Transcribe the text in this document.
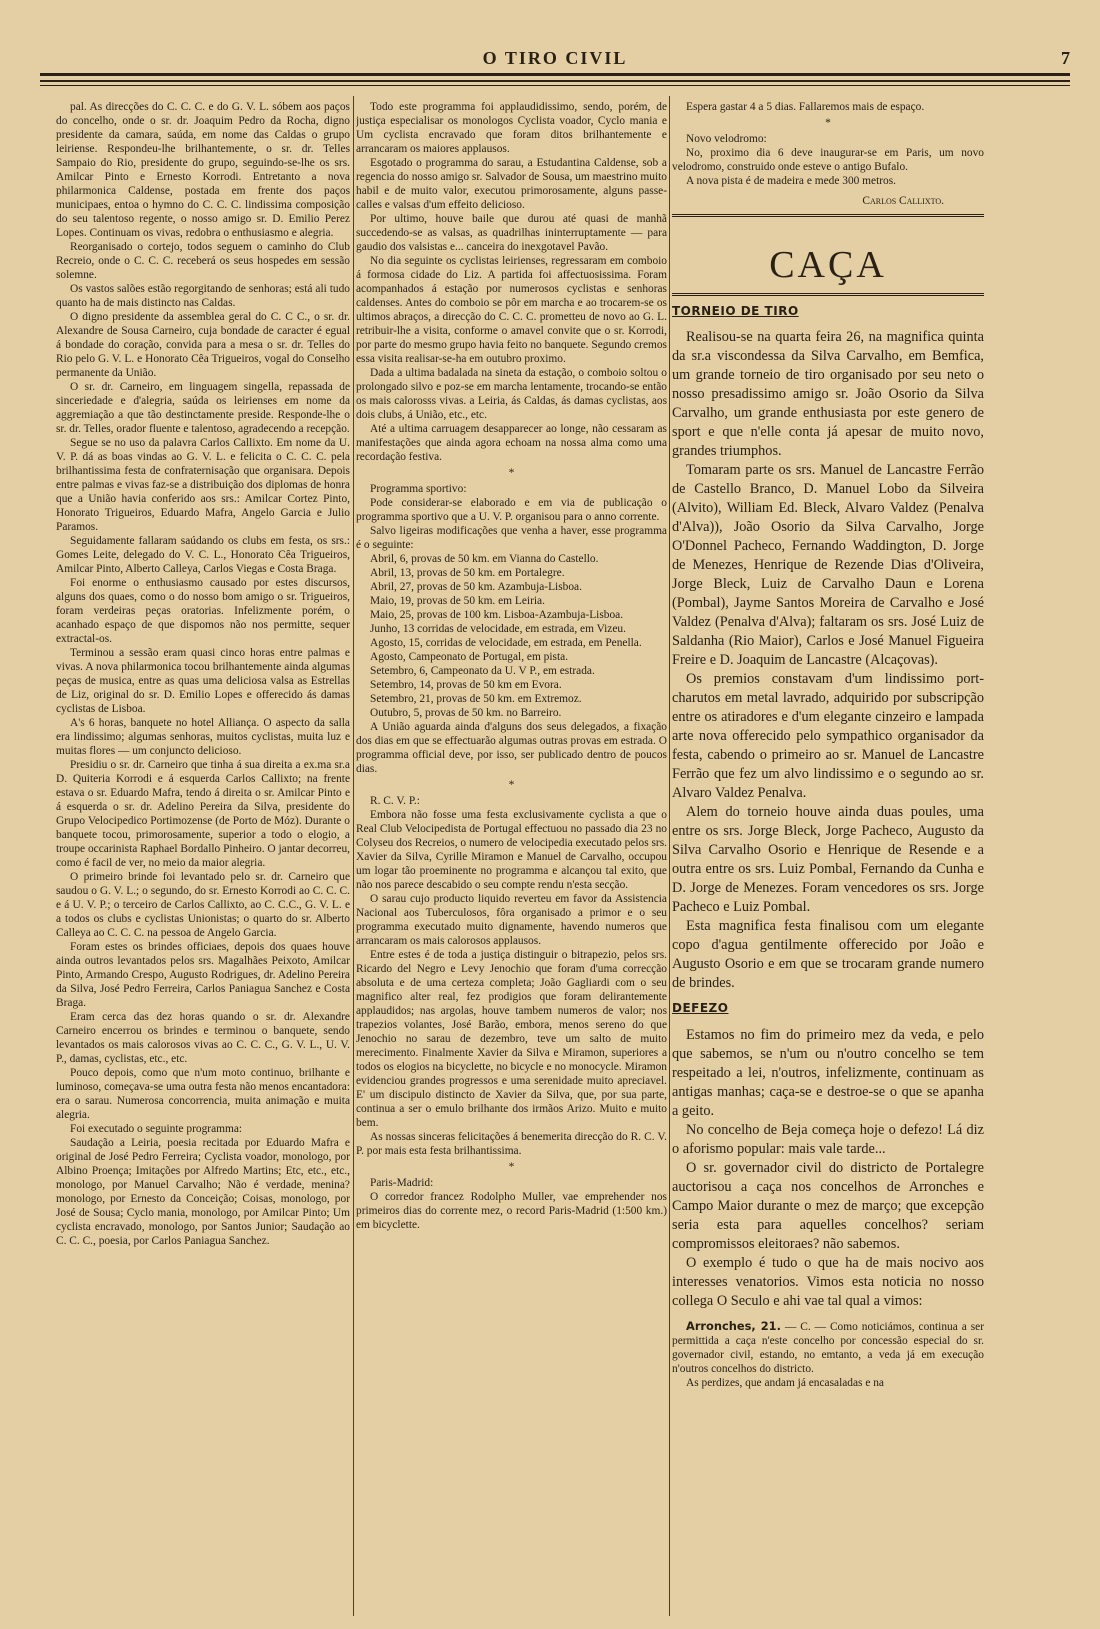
O TIRO CIVIL	7

pal. As direcções do C. C. C. e do G. V. L. sóbem aos paços do concelho, onde o sr. dr. Joaquim Pedro da Rocha, digno presidente da camara, saúda, em nome das Caldas o grupo leiriense. Respondeu-lhe brilhantemente, o sr. dr. Telles Sampaio do Rio, presidente do grupo, seguindo-se-lhe os srs. Amilcar Pinto e Ernesto Korrodi. Entretanto a nova philarmonica Caldense, postada em frente dos paços municipaes, entoa o hymno do C. C. C. lindissima composição do seu talentoso regente, o nosso amigo sr. D. Emilio Perez Lopes. Continuam os vivas, redobra o enthusiasmo e alegria.

Reorganisado o cortejo, todos seguem o caminho do Club Recreio, onde o C. C. C. receberá os seus hospedes em sessão solemne.

Os vastos salões estão regorgitando de senhoras; está ali tudo quanto ha de mais distincto nas Caldas.

O digno presidente da assemblea geral do C. C C., o sr. dr. Alexandre de Sousa Carneiro, cuja bondade de caracter é egual á bondade do coração, convida para a mesa o sr. dr. Telles do Rio pelo G. V. L. e Honorato Cêa Trigueiros, vogal do Conselho permanente da União.

O sr. dr. Carneiro, em linguagem singella, repassada de sinceriedade e d'alegria, saúda os leirienses em nome da aggremiação a que tão destinctamente preside. Responde-lhe o sr. dr. Telles, orador fluente e talentoso, agradecendo a recepção.

Segue se no uso da palavra Carlos Callixto. Em nome da U. V. P. dá as boas vindas ao G. V. L. e felicita o C. C. C. pela brilhantissima festa de confraternisação que organisara. Depois entre palmas e vivas faz-se a distribuição dos diplomas de honra que a União havia conferido aos srs.: Amilcar Cortez Pinto, Honorato Trigueiros, Eduardo Mafra, Angelo Garcia e Julio Paramos.

Seguidamente fallaram saúdando os clubs em festa, os srs.: Gomes Leite, delegado do V. C. L., Honorato Cêa Trigueiros, Amilcar Pinto, Alberto Calleya, Carlos Viegas e Costa Braga.

Foi enorme o enthusiasmo causado por estes discursos, alguns dos quaes, como o do nosso bom amigo o sr. Trigueiros, foram verdeiras peças oratorias. Infelizmente porém, o acanhado espaço de que dispomos não nos permitte, sequer extractal-os.

Terminou a sessão eram quasi cinco horas entre palmas e vivas. A nova philarmonica tocou brilhantemente ainda algumas peças de musica, entre as quas uma deliciosa valsa as Estrellas de Liz, original do sr. D. Emilio Lopes e offerecido ás damas cyclistas de Lisboa.

A's 6 horas, banquete no hotel Alliança. O aspecto da salla era lindissimo; algumas senhoras, muitos cyclistas, muita luz e muitas flores — um conjuncto delicioso.

Presidiu o sr. dr. Carneiro que tinha á sua direita a ex.ma sr.a D. Quiteria Korrodi e á esquerda Carlos Callixto; na frente estava o sr. Eduardo Mafra, tendo á direita o sr. Amilcar Pinto e á esquerda o sr. dr. Adelino Pereira da Silva, presidente do Grupo Velocipedico Portimozense (de Porto de Móz). Durante o banquete tocou, primorosamente, superior a todo o elogio, a troupe occarinista Raphael Bordallo Pinheiro. O jantar decorreu, como é facil de ver, no meio da maior alegria.

O primeiro brinde foi levantado pelo sr. dr. Carneiro que saudou o G. V. L.; o segundo, do sr. Ernesto Korrodi ao C. C. C. e á U. V. P.; o terceiro de Carlos Callixto, ao C. C.C., G. V. L. e a todos os clubs e cyclistas Unionistas; o quarto do sr. Alberto Calleya ao C. C. C. na pessoa de Angelo Garcia.

Foram estes os brindes officiaes, depois dos quaes houve ainda outros levantados pelos srs. Magalhães Peixoto, Amilcar Pinto, Armando Crespo, Augusto Rodrigues, dr. Adelino Pereira da Silva, José Pedro Ferreira, Carlos Paniagua Sanchez e Costa Braga.

Eram cerca das dez horas quando o sr. dr. Alexandre Carneiro encerrou os brindes e terminou o banquete, sendo levantados os mais calorosos vivas ao C. C. C., G. V. L., U. V. P., damas, cyclistas, etc., etc.

Pouco depois, como que n'um moto continuo, brilhante e luminoso, começava-se uma outra festa não menos encantadora: era o sarau. Numerosa concorrencia, muita animação e muita alegria.

Foi executado o seguinte programma:

Saudação a Leiria, poesia recitada por Eduardo Mafra e original de José Pedro Ferreira; Cyclista voador, monologo, por Albino Proença; Imitações por Alfredo Martins; Etc, etc., etc., monologo, por Manuel Carvalho; Não é verdade, menina? monologo, por Ernesto da Conceição; Coisas, monologo, por José de Sousa; Cyclo mania, monologo, por Amilcar Pinto; Um cyclista encravado, monologo, por Santos Junior; Saudação ao C. C. C., poesia, por Carlos Paniagua Sanchez.

Todo este programma foi applaudidissimo, sendo, porém, de justiça especialisar os monologos Cyclista voador, Cyclo mania e Um cyclista encravado que foram ditos brilhantemente e arrancaram os maiores applausos.

Esgotado o programma do sarau, a Estudantina Caldense, sob a regencia do nosso amigo sr. Salvador de Sousa, um maestrino muito habil e de muito valor, executou primorosamente, alguns passe-calles e valsas d'um effeito delicioso.

Por ultimo, houve baile que durou até quasi de manhã succedendo-se as valsas, as quadrilhas ininterruptamente — para gaudio dos valsistas e... canceira do inexgotavel Pavão.

No dia seguinte os cyclistas leirienses, regressaram em comboio á formosa cidade do Liz. A partida foi affectuosissima. Foram acompanhados á estação por numerosos cyclistas e senhoras caldenses. Antes do comboio se pôr em marcha e ao trocarem-se os ultimos abraços, a direcção do C. C. C. prometteu de novo ao G. L. retribuir-lhe a visita, conforme o amavel convite que o sr. Korrodi, por parte do mesmo grupo havia feito no banquete. Segundo cremos essa visita realisar-se-ha em outubro proximo.

Dada a ultima badalada na sineta da estação, o comboio soltou o prolongado silvo e poz-se em marcha lentamente, trocando-se então os mais calorosss vivas. a Leiria, ás Caldas, ás damas cyclistas, aos dois clubs, á União, etc., etc.

Até a ultima carruagem desapparecer ao longe, não cessaram as manifestações que ainda agora echoam na nossa alma como uma recordação festiva.

*

Programma sportivo:

Pode considerar-se elaborado e em via de publicação o programma sportivo que a U. V. P. organisou para o anno corrente.

Salvo ligeiras modificações que venha a haver, esse programma é o seguinte:

Abril, 6, provas de 50 km. em Vianna do Castello.

Abril, 13, provas de 50 km. em Portalegre.

Abril, 27, provas de 50 km. Azambuja-Lisboa.

Maio, 19, provas de 50 km. em Leiria.

Maio, 25, provas de 100 km. Lisboa-Azambuja-Lisboa.

Junho, 13 corridas de velocidade, em estrada, em Vizeu.

Agosto, 15, corridas de velocidade, em estrada, em Penella.

Agosto, Campeonato de Portugal, em pista.

Setembro, 6, Campeonato da U. V P., em estrada.

Setembro, 14, provas de 50 km em Evora.

Setembro, 21, provas de 50 km. em Extremoz.

Outubro, 5, provas de 50 km. no Barreiro.

A União aguarda ainda d'alguns dos seus delegados, a fixação dos dias em que se effectuarão algumas outras provas em estrada. O programma official deve, por isso, ser publicado dentro de poucos dias.

*

R. C. V. P.:

Embora não fosse uma festa exclusivamente cyclista a que o Real Club Velocipedista de Portugal effectuou no passado dia 23 no Colyseu dos Recreios, o numero de velocipedia executado pelos srs. Xavier da Silva, Cyrille Miramon e Manuel de Carvalho, occupou um logar tão proeminente no programma e alcançou tal exito, que não nos parece descabido o seu compte rendu n'esta secção.

O sarau cujo producto liquido reverteu em favor da Assistencia Nacional aos Tuberculosos, fôra organisado a primor e o seu programma executado muito dignamente, havendo numeros que arrancaram os mais calorosos applausos.

Entre estes é de toda a justiça distinguir o bitrapezio, pelos srs. Ricardo del Negro e Levy Jenochio que foram d'uma correcção absoluta e de uma certeza completa; João Gagliardi com o seu magnifico alter real, fez prodigios que foram delirantemente applaudidos; nas argolas, houve tambem numeros de valor; nos trapezios volantes, José Barão, embora, menos sereno do que Jenochio no sarau de dezembro, teve um salto de muito merecimento. Finalmente Xavier da Silva e Miramon, superiores a todos os elogios na bicyclette, no bicycle e no monocycle. Miramon evidenciou grandes progressos e uma serenidade muito apreciavel. E' um discipulo distincto de Xavier da Silva, que, por sua parte, continua a ser o emulo brilhante dos irmãos Arizo. Muito e muito bem.

As nossas sinceras felicitações á benemerita direcção do R. C. V. P. por mais esta festa brilhantissima.

*

Paris-Madrid:

O corredor francez Rodolpho Muller, vae emprehender nos primeiros dias do corrente mez, o record Paris-Madrid (1:500 km.) em bicyclette.

Espera gastar 4 a 5 dias. Fallaremos mais de espaço.

*

Novo velodromo:

No, proximo dia 6 deve inaugurar-se em Paris, um novo velodromo, construido onde esteve o antigo Bufalo.

A nova pista é de madeira e mede 300 metros.

Carlos Callixto.

CAÇA
TORNEIO DE TIRO

Realisou-se na quarta feira 26, na magnifica quinta da sr.a viscondessa da Silva Carvalho, em Bemfica, um grande torneio de tiro organisado por seu neto o nosso presadissimo amigo sr. João Osorio da Silva Carvalho, um grande enthusiasta por este genero de sport e que n'elle conta já apesar de muito novo, grandes triumphos.

Tomaram parte os srs. Manuel de Lancastre Ferrão de Castello Branco, D. Manuel Lobo da Silveira (Alvito), William Ed. Bleck, Alvaro Valdez (Penalva d'Alva)), João Osorio da Silva Carvalho, Jorge O'Donnel Pacheco, Fernando Waddington, D. Jorge de Menezes, Henrique de Rezende Dias d'Oliveira, Jorge Bleck, Luiz de Carvalho Daun e Lorena (Pombal), Jayme Santos Moreira de Carvalho e José Valdez (Penalva d'Alva); faltaram os srs. José Luiz de Saldanha (Rio Maior), Carlos e José Manuel Figueira Freire e D. Joaquim de Lancastre (Alcaçovas).

Os premios constavam d'um lindissimo port-charutos em metal lavrado, adquirido por subscripção entre os atiradores e d'um elegante cinzeiro e lampada arte nova offerecido pelo sympathico organisador da festa, cabendo o primeiro ao sr. Manuel de Lancastre Ferrão que fez um alvo lindissimo e o segundo ao sr. Alvaro Valdez Penalva.

Alem do torneio houve ainda duas poules, uma entre os srs. Jorge Bleck, Jorge Pacheco, Augusto da Silva Carvalho Osorio e Henrique de Resende e a outra entre os srs. Luiz Pombal, Fernando da Cunha e D. Jorge de Menezes. Foram vencedores os srs. Jorge Pacheco e Luiz Pombal.

Esta magnifica festa finalisou com um elegante copo d'agua gentilmente offerecido por João e Augusto Osorio e em que se trocaram grande numero de brindes.

DEFEZO

Estamos no fim do primeiro mez da veda, e pelo que sabemos, se n'um ou n'outro concelho se tem respeitado a lei, n'outros, infelizmente, continuam as antigas manhas; caça-se e destroe-se o que se apanha a geito.

No concelho de Beja começa hoje o defezo! Lá diz o aforismo popular: mais vale tarde...

O sr. governador civil do districto de Portalegre auctorisou a caça nos concelhos de Arronches e Campo Maior durante o mez de março; que excepção seria esta para aquelles concelhos? seriam compromissos eleitoraes? não sabemos.

O exemplo é tudo o que ha de mais nocivo aos interesses venatorios. Vimos esta noticia no nosso collega O Seculo e ahi vae tal qual a vimos:

Arronches, 21. — C. — Como noticiámos, continua a ser permittida a caça n'este concelho por concessão especial do sr. governador civil, estando, no emtanto, a veda já em execução n'outros concelhos do districto.

As perdizes, que andam já encasaladas e na
